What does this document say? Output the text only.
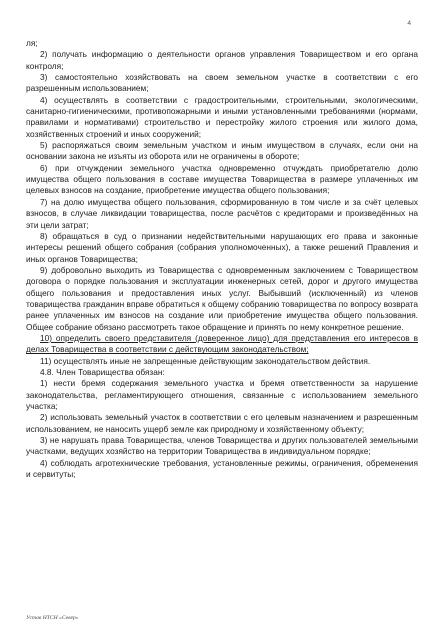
4

ля;

2) получать информацию о деятельности органов управления Товариществом и его органа контроля;

3) самостоятельно хозяйствовать на своем земельном участке в соответствии с его разрешенным использованием;

4) осуществлять в соответствии с градостроительными, строительными, экологическими, санитарно-гигиеническими, противопожарными и иными установленными требованиями (нормами, правилами и нормативами) строительство и перестройку жилого строения или жилого дома, хозяйственных строений и иных сооружений;

5) распоряжаться своим земельным участком и иным имуществом в случаях, если они на основании закона не изъяты из оборота или не ограничены в обороте;

6) при отчуждении земельного участка одновременно отчуждать приобретателю долю имущества общего пользования в составе имущества Товарищества в размере уплаченных им целевых взносов на создание, приобретение имущества общего пользования;

7) на долю имущества общего пользования, сформированную в том числе и за счёт целевых взносов, в случае ликвидации товарищества, после расчётов с кредиторами и произведённых на эти цели затрат;

8) обращаться в суд о признании недействительными нарушающих его права и законные интересы решений общего собрания (собрания уполномоченных), а также решений Правления и иных органов Товарищества;

9) добровольно выходить из Товарищества с одновременным заключением с Товариществом договора о порядке пользования и эксплуатации инженерных сетей, дорог и другого имущества общего пользования и предоставления иных услуг. Выбывший (исключенный) из членов товарищества гражданин вправе обратиться к общему собранию товарищества по вопросу возврата ранее уплаченных им взносов на создание или приобретение имущества общего пользования. Общее собрание обязано рассмотреть такое обращение и принять по нему конкретное решение.

10) определить своего представителя (доверенное лицо) для представления его интересов в делах Товарищества в соответствии с действующим законодательством;

11) осуществлять иные не запрещенные действующим законодательством действия.

4.8. Член Товарищества обязан:

1) нести бремя содержания земельного участка и бремя ответственности за нарушение законодательства, регламентирующего отношения, связанные с использованием земельного участка;

2) использовать земельный участок в соответствии с его целевым назначением и разрешенным использованием, не наносить ущерб земле как природному и хозяйственному объекту;

3) не нарушать права Товарищества, членов Товарищества и других пользователей земельными участками, ведущих хозяйство на территории Товарищества в индивидуальном порядке;

4) соблюдать агротехнические требования, установленные режимы, ограничения, обременения и сервитуты;

Устав НТСН «Север»
